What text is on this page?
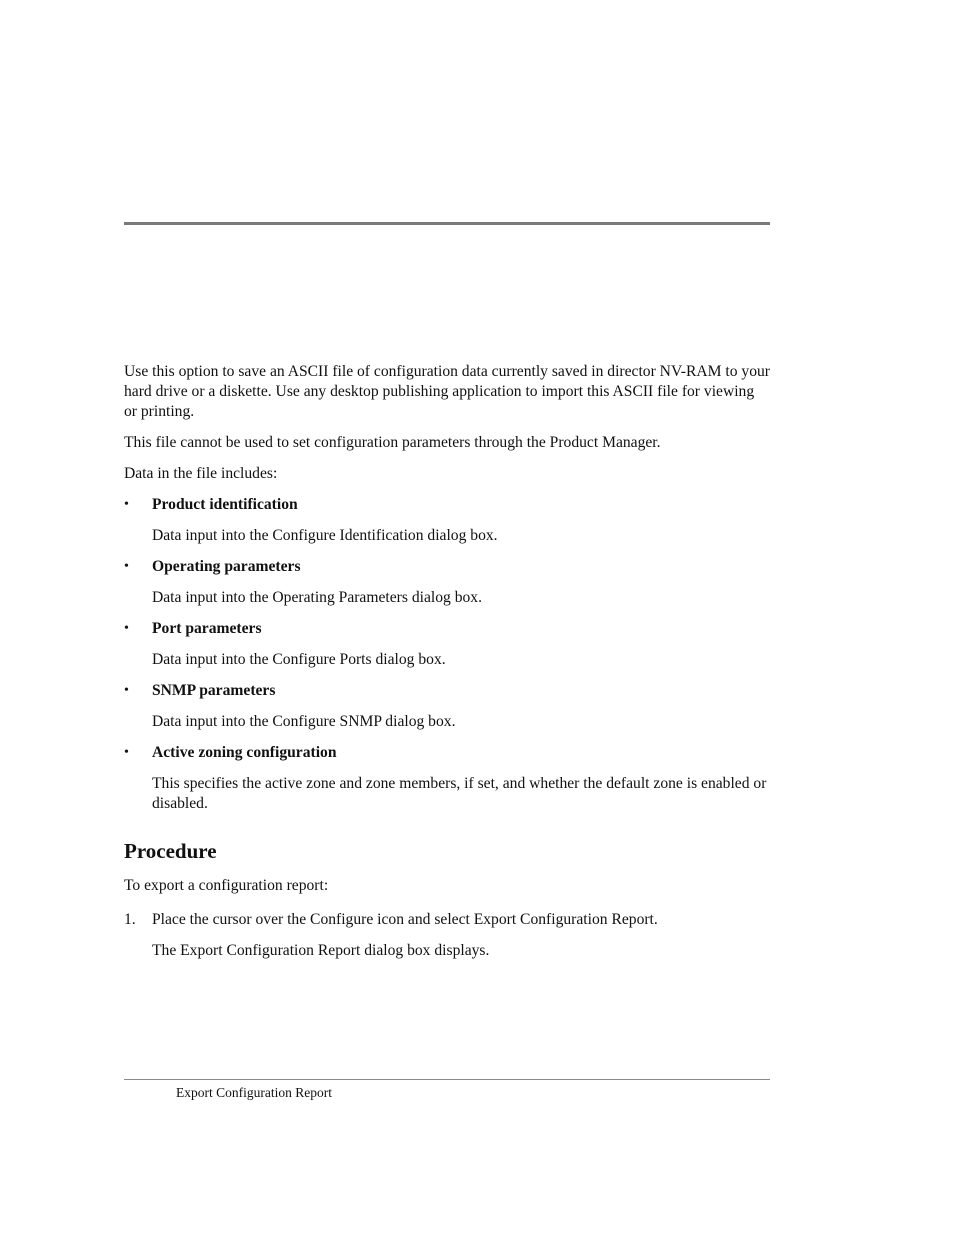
Use this option to save an ASCII file of configuration data currently saved in director NV-RAM to your hard drive or a diskette. Use any desktop publishing application to import this ASCII file for viewing or printing.

This file cannot be used to set configuration parameters through the Product Manager.

Data in the file includes:

• Product identification

Data input into the Configure Identification dialog box.

• Operating parameters

Data input into the Operating Parameters dialog box.

• Port parameters

Data input into the Configure Ports dialog box.

• SNMP parameters

Data input into the Configure SNMP dialog box.

• Active zoning configuration

This specifies the active zone and zone members, if set, and whether the default zone is enabled or disabled.

Procedure

To export a configuration report:

1. Place the cursor over the Configure icon and select Export Configuration Report.

The Export Configuration Report dialog box displays.

Export Configuration Report
